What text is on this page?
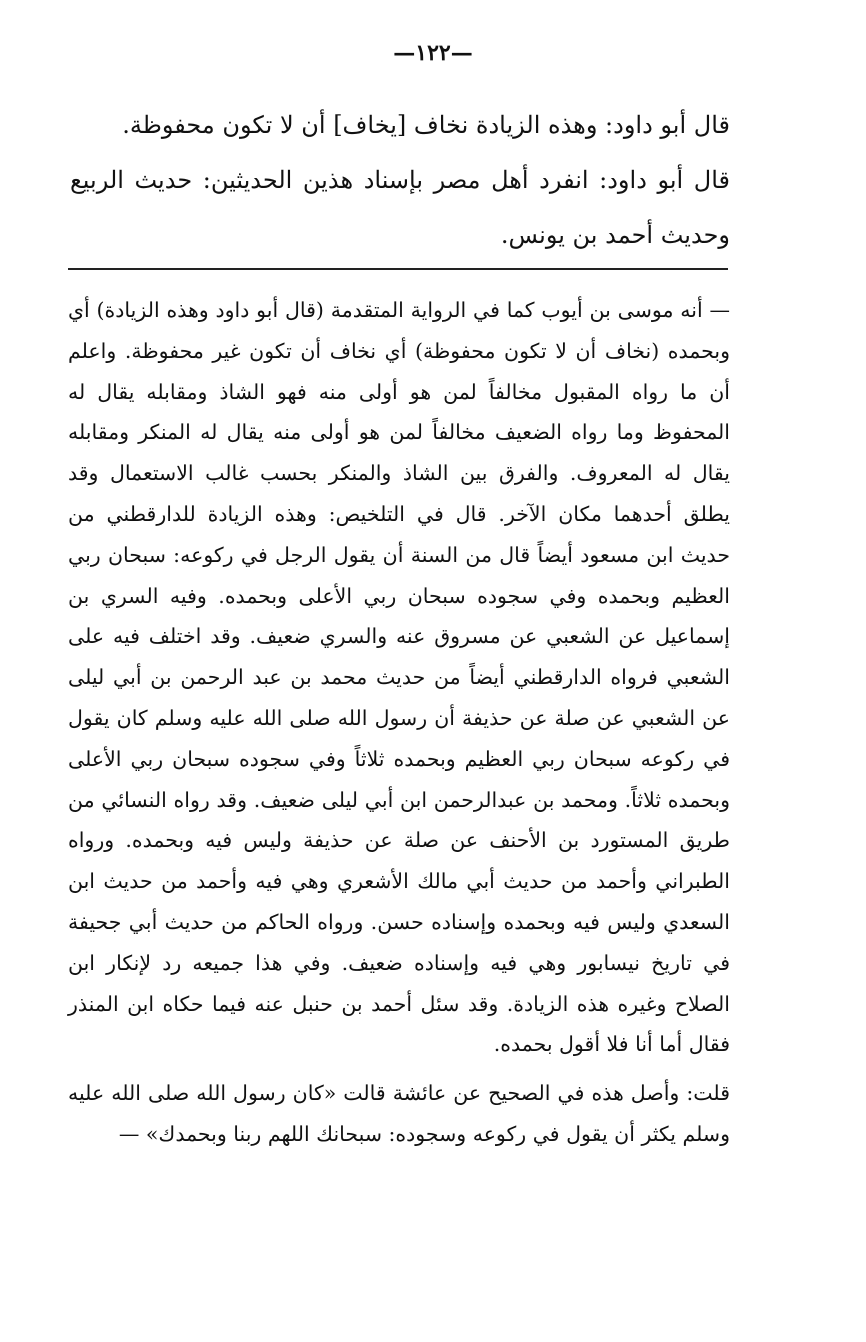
—١٢٢—

قال أبو داود: وهذه الزيادة نخاف [يخاف] أن لا تكون محفوظة.

قال أبو داود: انفرد أهل مصر بإسناد هذين الحديثين: حديث الربيع وحديث أحمد بن يونس.

— أنه موسى بن أيوب كما في الرواية المتقدمة (قال أبو داود وهذه الزيادة) أي وبحمده (نخاف أن لا تكون محفوظة) أي نخاف أن تكون غير محفوظة. واعلم أن ما رواه المقبول مخالفاً لمن هو أولى منه فهو الشاذ ومقابله يقال له المحفوظ وما رواه الضعيف مخالفاً لمن هو أولى منه يقال له المنكر ومقابله يقال له المعروف. والفرق بين الشاذ والمنكر بحسب غالب الاستعمال وقد يطلق أحدهما مكان الآخر. قال في التلخيص: وهذه الزيادة للدارقطني من حديث ابن مسعود أيضاً قال من السنة أن يقول الرجل في ركوعه: سبحان ربي العظيم وبحمده وفي سجوده سبحان ربي الأعلى وبحمده. وفيه السري بن إسماعيل عن الشعبي عن مسروق عنه والسري ضعيف. وقد اختلف فيه على الشعبي فرواه الدارقطني أيضاً من حديث محمد بن عبد الرحمن بن أبي ليلى عن الشعبي عن صلة عن حذيفة أن رسول الله صلى الله عليه وسلم كان يقول في ركوعه سبحان ربي العظيم وبحمده ثلاثاً وفي سجوده سبحان ربي الأعلى وبحمده ثلاثاً. ومحمد بن عبدالرحمن ابن أبي ليلى ضعيف. وقد رواه النسائي من طريق المستورد بن الأحنف عن صلة عن حذيفة وليس فيه وبحمده. ورواه الطبراني وأحمد من حديث أبي مالك الأشعري وهي فيه وأحمد من حديث ابن السعدي وليس فيه وبحمده وإسناده حسن. ورواه الحاكم من حديث أبي جحيفة في تاريخ نيسابور وهي فيه وإسناده ضعيف. وفي هذا جميعه رد لإنكار ابن الصلاح وغيره هذه الزيادة. وقد سئل أحمد بن حنبل عنه فيما حكاه ابن المنذر فقال أما أنا فلا أقول بحمده.

قلت: وأصل هذه في الصحيح عن عائشة قالت «كان رسول الله صلى الله عليه وسلم يكثر أن يقول في ركوعه وسجوده: سبحانك اللهم ربنا وبحمدك» —
